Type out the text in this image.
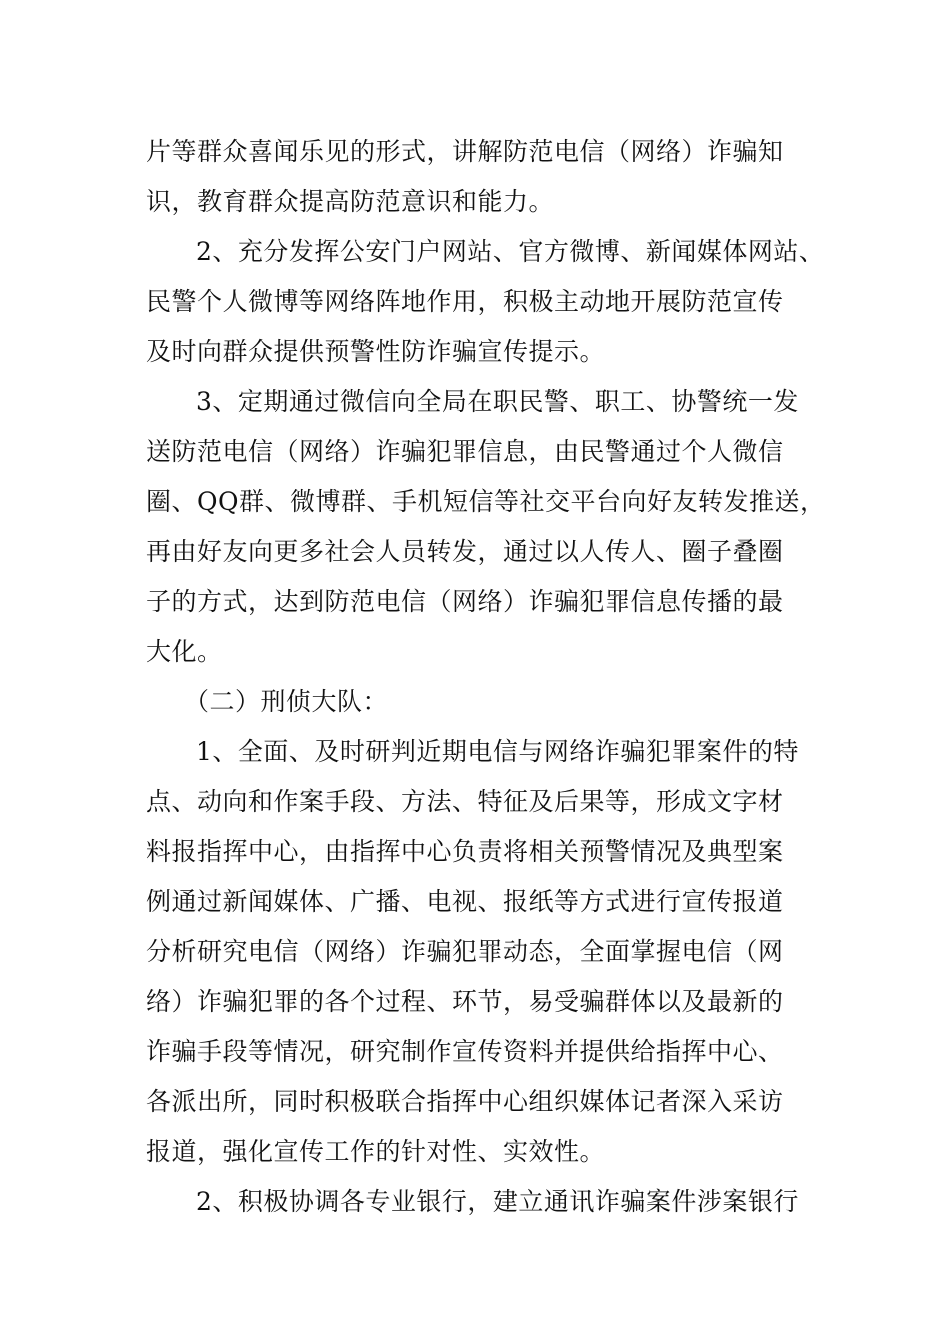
片等群众喜闻乐见的形式，讲解防范电信（网络）诈骗知
识，教育群众提高防范意识和能力。
2、充分发挥公安门户网站、官方微博、新闻媒体网站、
民警个人微博等网络阵地作用，积极主动地开展防范宣传
及时向群众提供预警性防诈骗宣传提示。
3、定期通过微信向全局在职民警、职工、协警统一发
送防范电信（网络）诈骗犯罪信息，由民警通过个人微信
圈、QQ群、微博群、手机短信等社交平台向好友转发推送，
再由好友向更多社会人员转发，通过以人传人、圈子叠圈
子的方式，达到防范电信（网络）诈骗犯罪信息传播的最
大化。
（二）刑侦大队：
1、全面、及时研判近期电信与网络诈骗犯罪案件的特
点、动向和作案手段、方法、特征及后果等，形成文字材
料报指挥中心，由指挥中心负责将相关预警情况及典型案
例通过新闻媒体、广播、电视、报纸等方式进行宣传报道
分析研究电信（网络）诈骗犯罪动态，全面掌握电信（网
络）诈骗犯罪的各个过程、环节，易受骗群体以及最新的
诈骗手段等情况，研究制作宣传资料并提供给指挥中心、
各派出所，同时积极联合指挥中心组织媒体记者深入采访
报道，强化宣传工作的针对性、实效性。
2、积极协调各专业银行，建立通讯诈骗案件涉案银行
